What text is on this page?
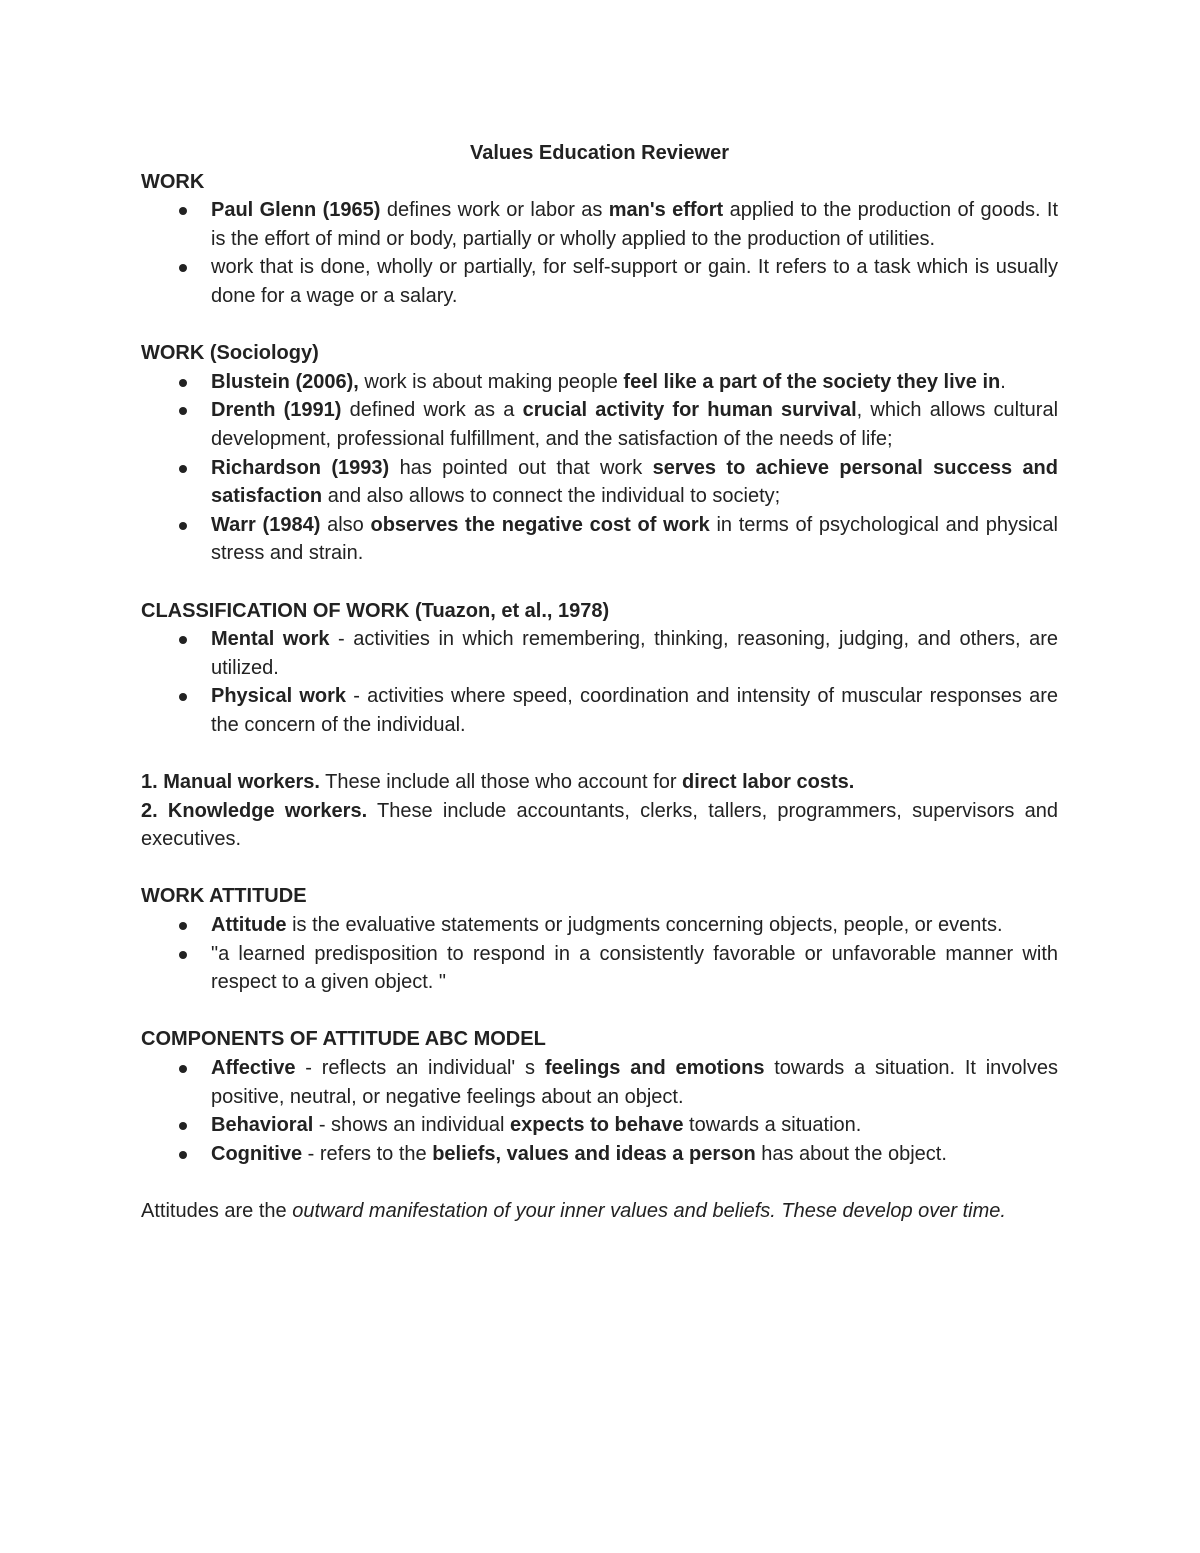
Values Education Reviewer

WORK

Paul Glenn (1965) defines work or labor as man's effort applied to the production of goods. It is the effort of mind or body, partially or wholly applied to the production of utilities.
work that is done, wholly or partially, for self-support or gain. It refers to a task which is usually done for a wage or a salary.

WORK (Sociology)

Blustein (2006), work is about making people feel like a part of the society they live in.
Drenth (1991) defined work as a crucial activity for human survival, which allows cultural development, professional fulfillment, and the satisfaction of the needs of life;
Richardson (1993) has pointed out that work serves to achieve personal success and satisfaction and also allows to connect the individual to society;
Warr (1984) also observes the negative cost of work in terms of psychological and physical stress and strain.

CLASSIFICATION OF WORK (Tuazon, et al., 1978)

Mental work - activities in which remembering, thinking, reasoning, judging, and others, are utilized.
Physical work - activities where speed, coordination and intensity of muscular responses are the concern of the individual.

1. Manual workers. These include all those who account for direct labor costs.

2. Knowledge workers. These include accountants, clerks, tallers, programmers, supervisors and executives.

WORK ATTITUDE

Attitude is the evaluative statements or judgments concerning objects, people, or events.
"a learned predisposition to respond in a consistently favorable or unfavorable manner with respect to a given object. "

COMPONENTS OF ATTITUDE ABC MODEL

Affective - reflects an individual' s feelings and emotions towards a situation. It involves positive, neutral, or negative feelings about an object.
Behavioral - shows an individual expects to behave towards a situation.
Cognitive - refers to the beliefs, values and ideas a person has about the object.

Attitudes are the outward manifestation of your inner values and beliefs. These develop over time.
